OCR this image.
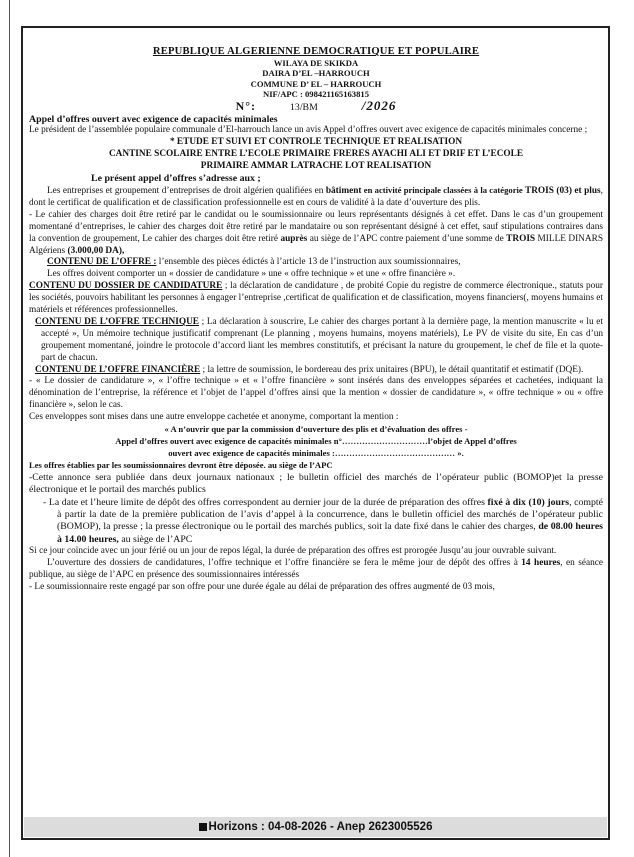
REPUBLIQUE ALGERIENNE DEMOCRATIQUE ET POPULAIRE

WILAYA DE SKIKDA

DAIRA D’EL –HARROUCH

COMMUNE D’ EL – HARROUCH

NIF/APC : 098421165163815

N°:	13/BM	/2026

Appel d’offres ouvert avec exigence de capacités minimales

Le président de l’assemblée populaire communale d’El-harrouch lance un avis Appel d’offres ouvert avec exigence de capacités minimales concerne ;

* ETUDE ET SUIVI ET CONTROLE TECHNIQUE ET REALISATION

CANTINE SCOLAIRE ENTRE L’ECOLE PRIMAIRE FRERES AYACHI ALI ET DRIF ET L’ECOLE

PRIMAIRE AMMAR LATRACHE LOT REALISATION

Le présent appel d’offres s’adresse aux ;

Les entreprises et groupement d’entreprises de droit algérien qualifiées en bâtiment en activité principale classées à la catégorie TROIS (03) et plus, dont le certificat de qualification et de classification professionnelle est en cours de validité à la date d’ouverture des plis.

- Le cahier des charges doit être retiré par le candidat ou le soumissionnaire ou leurs représentants désignés à cet effet. Dans le cas d’un groupement momentané d’entreprises, le cahier des charges doit être retiré par le mandataire ou son représentant désigné à cet effet, sauf stipulations contraires dans la convention de groupement, Le cahier des charges doit être retiré auprès au siège de l’APC contre paiement d’une somme de TROIS MILLE DINARS Algériens (3.000,00 DA),

CONTENU DE L’OFFRE : l’ensemble des pièces édictés à l’article 13 de l’instruction aux soumissionnaires,

Les offres doivent comporter un « dossier de candidature » une « offre technique » et une « offre financière ».

CONTENU DU DOSSIER DE CANDIDATURE ; la déclaration de candidature , de probité Copie du registre de commerce électronique., statuts pour les sociétés, pouvoirs habilitant les personnes à engager l’entreprise ,certificat de qualification et de classification, moyens financiers(, moyens humains et matériels et références professionnelles.

CONTENU DE L’OFFRE TECHNIQUE ; La déclaration à souscrire, Le cahier des charges portant à la dernière page, la mention manuscrite « lu et accepté », Un mémoire technique justificatif comprenant (Le planning , moyens humains, moyens matériels), Le PV de visite du site, En cas d’un groupement momentané, joindre le protocole d’accord liant les membres constitutifs, et précisant la nature du groupement, le chef de file et la quote-part de chacun.

CONTENU DE L’OFFRE FINANCIÈRE ; la lettre de soumission, le bordereau des prix unitaires (BPU), le détail quantitatif et estimatif (DQE).

- « Le dossier de candidature », « l’offre technique » et « l’offre financière » sont insérés dans des enveloppes séparées et cachetées, indiquant la dénomination de l’entreprise, la référence et l’objet de l’appel d’offres ainsi que la mention « dossier de candidature », « offre technique » ou « offre financière », selon le cas.

Ces enveloppes sont mises dans une autre enveloppe cachetée et anonyme, comportant la mention :

« A n’ouvrir que par la commission d’ouverture des plis et d’évaluation des offres -

Appel d’offres ouvert avec exigence de capacités minimales n°…………………………l’objet de Appel d’offres

ouvert avec exigence de capacités minimales :…………………………………… ».

Les offres établies par les soumissionnaires devront être déposée. au siège de l’APC

-Cette annonce sera publiée dans deux journaux nationaux ; le bulletin officiel des marchés de l’opérateur public (BOMOP)et la presse électronique et le portail des marchés publics

- La date et l’heure limite de dépôt des offres correspondent au dernier jour de la durée de préparation des offres fixé à dix (10) jours, compté à partir la date de la première publication de l’avis d’appel à la concurrence, dans le bulletin officiel des marchés de l’opérateur public (BOMOP), la presse ; la presse électronique ou le portail des marchés publics, soit la date fixé dans le cahier des charges, de 08.00 heures à 14.00 heures, au siège de l’APC

Si ce jour coïncide avec un jour férié ou un jour de repos légal, la durée de préparation des offres est prorogée Jusqu’au jour ouvrable suivant.

L’ouverture des dossiers de candidatures, l’offre technique et l’offre financière se fera le même jour de dépôt des offres à 14 heures, en séance publique, au siège de l’APC en présence des soumissionnaires intéressés

- Le soumissionnaire reste engagé par son offre pour une durée égale au délai de préparation des offres augmenté de 03 mois,

Horizons : 04-08-2026 - Anep 2623005526
